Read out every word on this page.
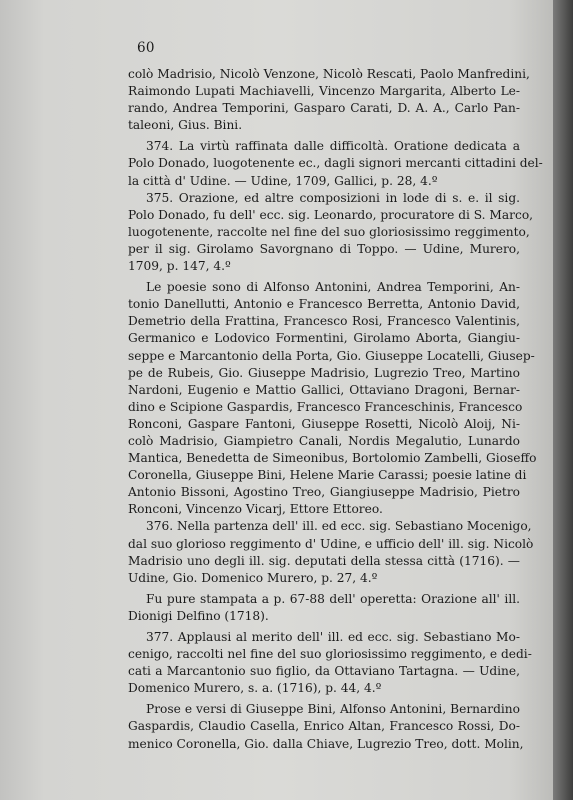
60
colò Madrisio, Nicolò Venzone, Nicolò Rescati, Paolo Manfredini,
Raimondo Lupati Machiavelli, Vincenzo Margarita, Alberto Le-
rando, Andrea Temporini, Gasparo Carati, D. A. A., Carlo Pan-
taleoni, Gius. Bini.
374. La virtù raffinata dalle difficoltà. Oratione dedicata a
Polo Donado, luogotenente ec., dagli signori mercanti cittadini del-
la città d' Udine. — Udine, 1709, Gallici, p. 28, 4.º
375. Orazione, ed altre composizioni in lode di s. e. il sig.
Polo Donado, fu dell' ecc. sig. Leonardo, procuratore di S. Marco,
luogotenente, raccolte nel fine del suo gloriosissimo reggimento,
per il sig. Girolamo Savorgnano di Toppo. — Udine, Murero,
1709, p. 147, 4.º
Le poesie sono di Alfonso Antonini, Andrea Temporini, An-
tonio Danellutti, Antonio e Francesco Berretta, Antonio David,
Demetrio della Frattina, Francesco Rosi, Francesco Valentinis,
Germanico e Lodovico Formentini, Girolamo Aborta, Giangiu-
seppe e Marcantonio della Porta, Gio. Giuseppe Locatelli, Giusep-
pe de Rubeis, Gio. Giuseppe Madrisio, Lugrezio Treo, Martino
Nardoni, Eugenio e Mattio Gallici, Ottaviano Dragoni, Bernar-
dino e Scipione Gaspardis, Francesco Franceschinis, Francesco
Ronconi, Gaspare Fantoni, Giuseppe Rosetti, Nicolò Aloij, Ni-
colò Madrisio, Giampietro Canali, Nordis Megalutio, Lunardo
Mantica, Benedetta de Simeonibus, Bortolomio Zambelli, Gioseffo
Coronella, Giuseppe Bini, Helene Marie Carassi; poesie latine di
Antonio Bissoni, Agostino Treo, Giangiuseppe Madrisio, Pietro
Ronconi, Vincenzo Vicarj, Ettore Ettoreo.
376. Nella partenza dell' ill. ed ecc. sig. Sebastiano Mocenigo,
dal suo glorioso reggimento d' Udine, e ufficio dell' ill. sig. Nicolò
Madrisio uno degli ill. sig. deputati della stessa città (1716). —
Udine, Gio. Domenico Murero, p. 27, 4.º
Fu pure stampata a p. 67-88 dell' operetta: Orazione all' ill.
Dionigi Delfino (1718).
377. Applausi al merito dell' ill. ed ecc. sig. Sebastiano Mo-
cenigo, raccolti nel fine del suo gloriosissimo reggimento, e dedi-
cati a Marcantonio suo figlio, da Ottaviano Tartagna. — Udine,
Domenico Murero, s. a. (1716), p. 44, 4.º
Prose e versi di Giuseppe Bini, Alfonso Antonini, Bernardino
Gaspardis, Claudio Casella, Enrico Altan, Francesco Rossi, Do-
menico Coronella, Gio. dalla Chiave, Lugrezio Treo, dott. Molin,
